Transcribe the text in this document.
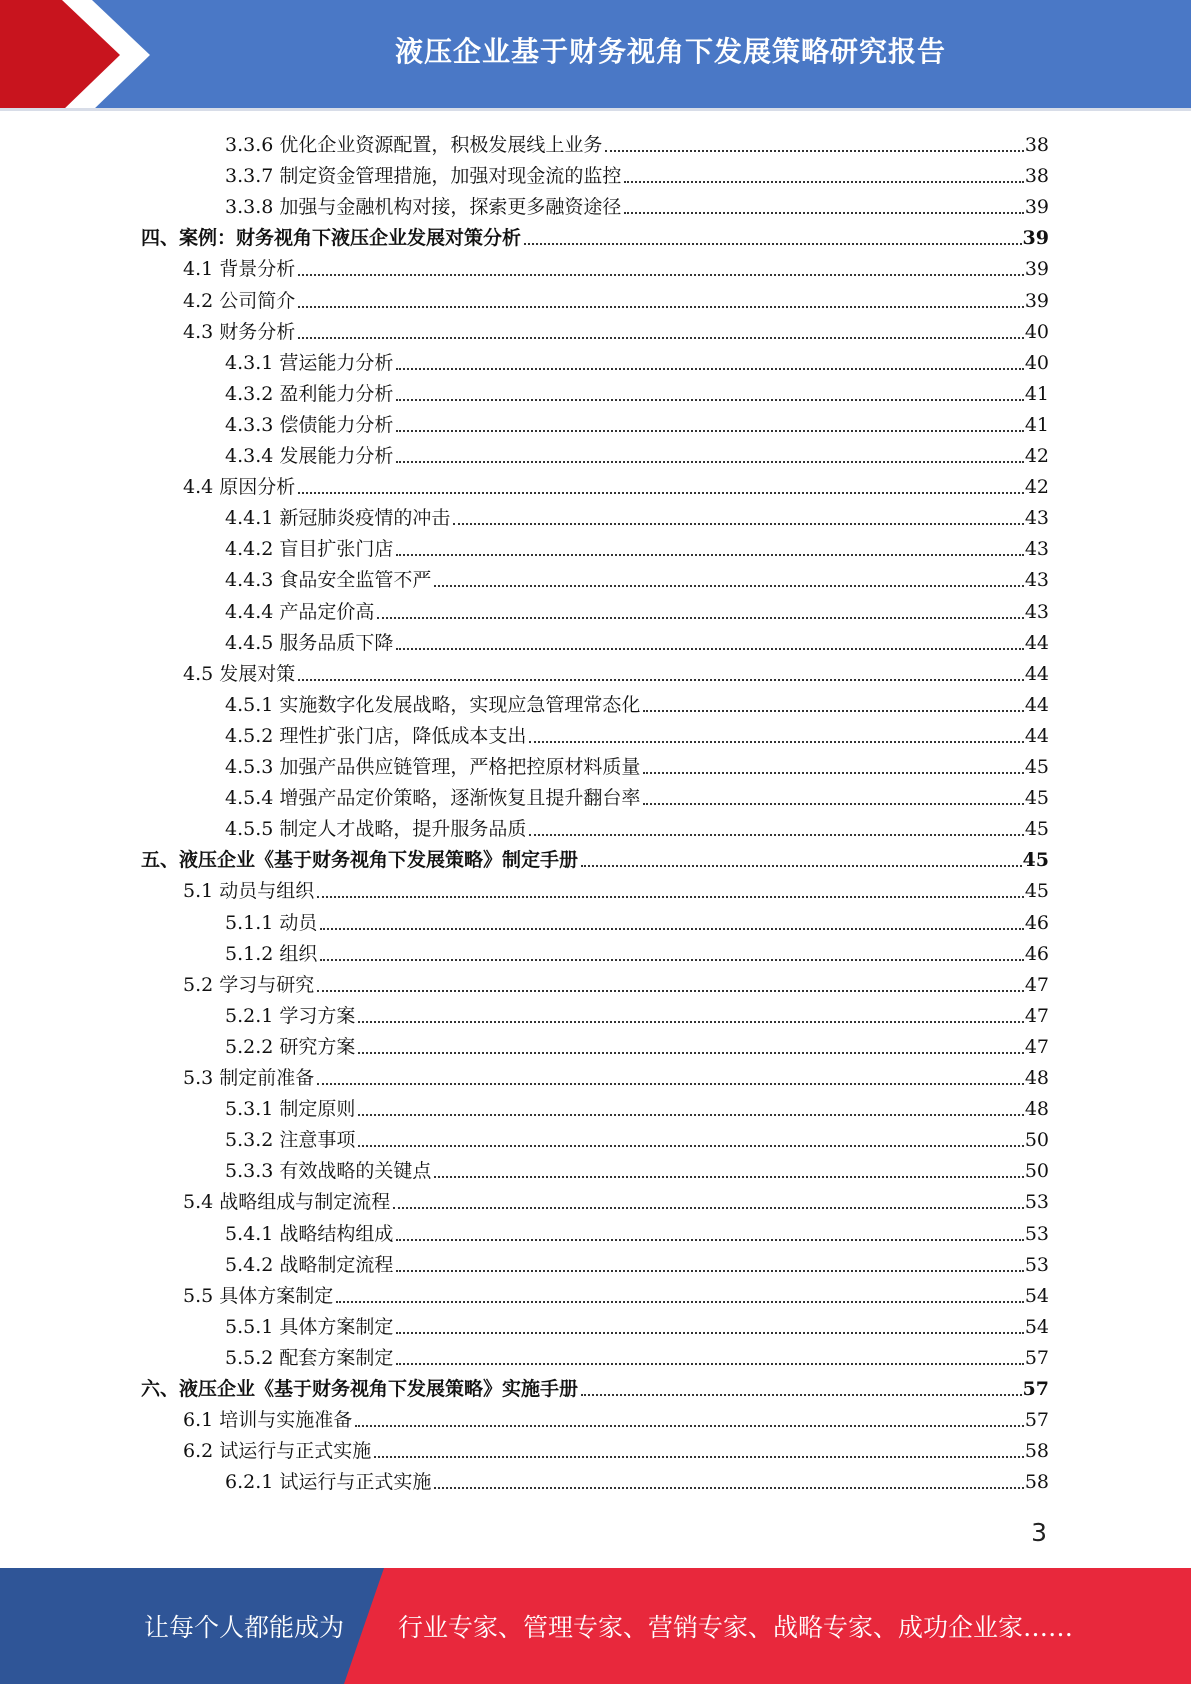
液压企业基于财务视角下发展策略研究报告
3.3.6 优化企业资源配置，积极发展线上业务	38
3.3.7 制定资金管理措施，加强对现金流的监控	38
3.3.8 加强与金融机构对接，探索更多融资途径	39
四、案例：财务视角下液压企业发展对策分析	39
4.1 背景分析	39
4.2 公司简介	39
4.3 财务分析	40
4.3.1 营运能力分析	40
4.3.2 盈利能力分析	41
4.3.3 偿债能力分析	41
4.3.4 发展能力分析	42
4.4 原因分析	42
4.4.1 新冠肺炎疫情的冲击	43
4.4.2 盲目扩张门店	43
4.4.3 食品安全监管不严	43
4.4.4 产品定价高	43
4.4.5 服务品质下降	44
4.5 发展对策	44
4.5.1 实施数字化发展战略，实现应急管理常态化	44
4.5.2 理性扩张门店，降低成本支出	44
4.5.3 加强产品供应链管理，严格把控原材料质量	45
4.5.4 增强产品定价策略，逐渐恢复且提升翻台率	45
4.5.5 制定人才战略，提升服务品质	45
五、液压企业《基于财务视角下发展策略》制定手册	45
5.1 动员与组织	45
5.1.1 动员	46
5.1.2 组织	46
5.2 学习与研究	47
5.2.1 学习方案	47
5.2.2 研究方案	47
5.3 制定前准备	48
5.3.1 制定原则	48
5.3.2 注意事项	50
5.3.3 有效战略的关键点	50
5.4 战略组成与制定流程	53
5.4.1 战略结构组成	53
5.4.2 战略制定流程	53
5.5 具体方案制定	54
5.5.1 具体方案制定	54
5.5.2 配套方案制定	57
六、液压企业《基于财务视角下发展策略》实施手册	57
6.1 培训与实施准备	57
6.2 试运行与正式实施	58
6.2.1 试运行与正式实施	58
3
让每个人都能成为 行业专家、管理专家、营销专家、战略专家、成功企业家……
